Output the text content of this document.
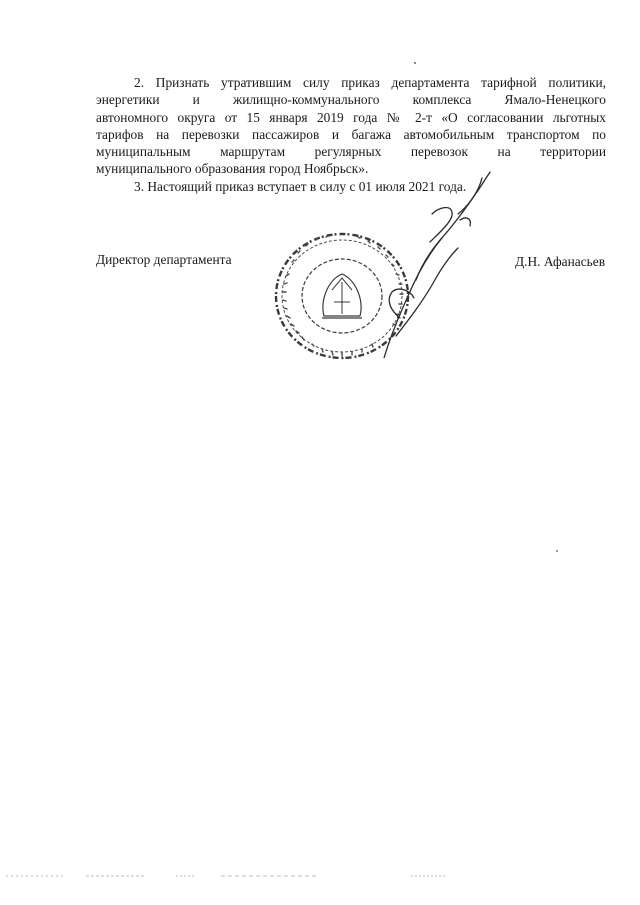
2. Признать утратившим силу приказ департамента тарифной политики,
энергетики и жилищно-коммунального комплекса Ямало-Ненецкого
автономного округа от 15 января 2019 года № 2-т «О согласовании льготных
тарифов на перевозки пассажиров и багажа автомобильным транспортом по
муниципальным маршрутам регулярных перевозок на территории
муниципального образования город Ноябрьск».

3. Настоящий приказ вступает в силу с 01 июля 2021 года.

Директор департамента	Д.Н. Афанасьев
